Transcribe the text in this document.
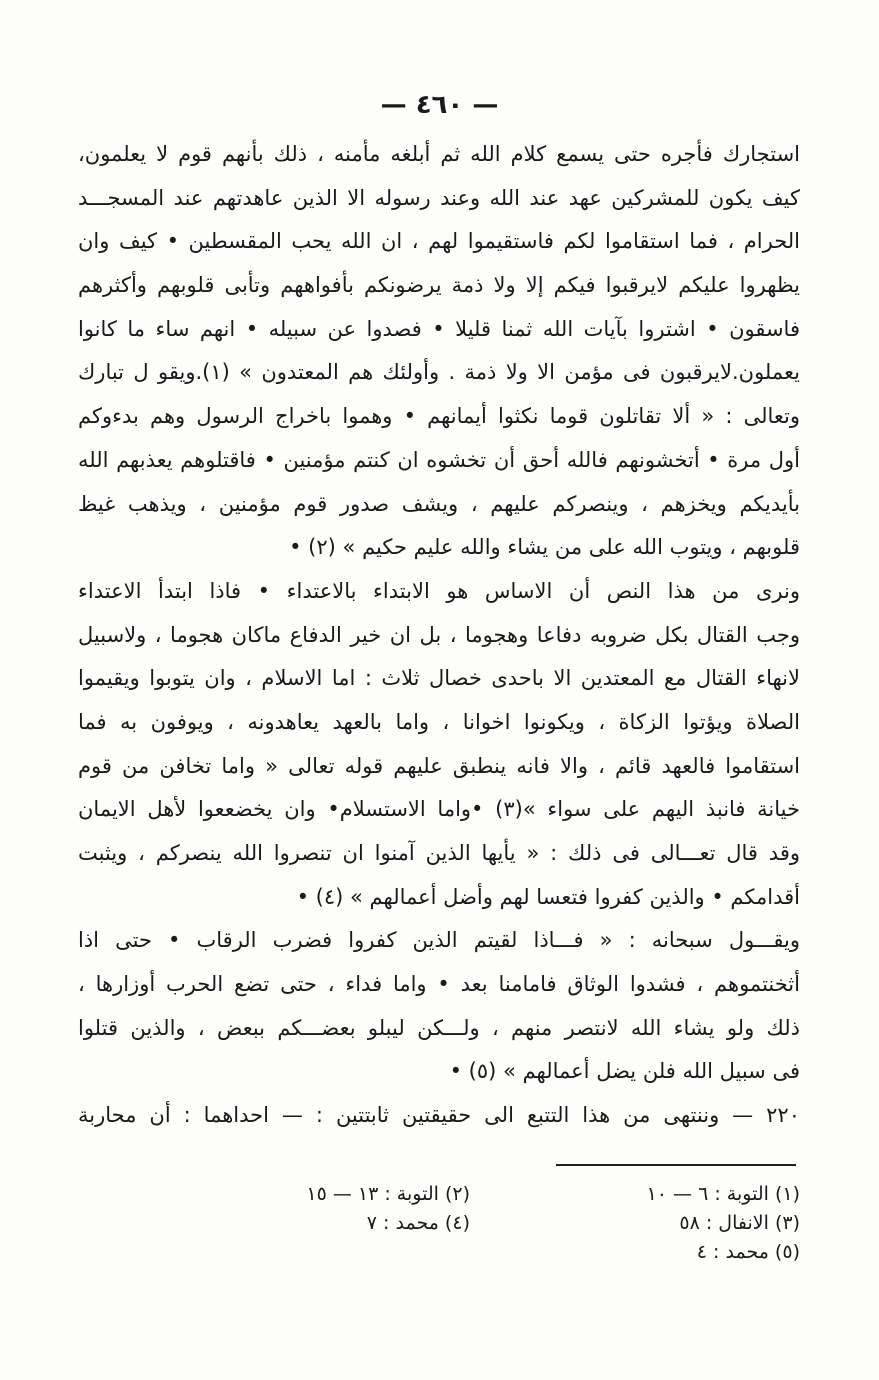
— ٤٦٠ —
استجارك فأجره حتى يسمع كلام الله ثم أبلغه مأمنه ، ذلك بأنهم قوم لا يعلمون،
كيف يكون للمشركين عهد عند الله وعند رسوله الا الذين عاهدتهم عند المسجـــد
الحرام ، فما استقاموا لكم فاستقيموا لهم ، ان الله يحب المقسطين • كيف وان
يظهروا عليكم لايرقبوا فيكم إلا ولا ذمة يرضونكم بأفواههم وتأبى قلوبهم وأكثرهم
فاسقون • اشتروا بآيات الله ثمنا قليلا • فصدوا عن سبيله • انهم ساء ما كانوا
يعملون.لايرقبون فى مؤمن الا ولا ذمة . وأولئك هم المعتدون » (١).ويقو ل تبارك
وتعالى : « ألا تقاتلون قوما نكثوا أيمانهم • وهموا باخراج الرسول وهم بدءوكم
أول مرة • أتخشونهم فالله أحق أن تخشوه ان كنتم مؤمنين • فاقتلوهم يعذبهم الله
بأيديكم ويخزهم ، وينصركم عليهم ، ويشف صدور قوم مؤمنين ، ويذهب غيظ
قلوبهم ، ويتوب الله على من يشاء والله عليم حكيم » (٢) •
ونرى من هذا النص أن الاساس هو الابتداء بالاعتداء • فاذا ابتدأ الاعتداء
وجب القتال بكل ضروبه دفاعا وهجوما ، بل ان خير الدفاع ماكان هجوما ، ولاسبيل
لانهاء القتال مع المعتدين الا باحدى خصال ثلاث : اما الاسلام ، وان يتوبوا ويقيموا
الصلاة ويؤتوا الزكاة ، ويكونوا اخوانا ، واما بالعهد يعاهدونه ، ويوفون به فما
استقاموا فالعهد قائم ، والا فانه ينطبق عليهم قوله تعالى « واما تخافن من قوم
خيانة فانبذ اليهم على سواء »(٣) •واما الاستسلام• وان يخضععوا لأهل الايمان
وقد قال تعـــالى فى ذلك : « يأيها الذين آمنوا ان تنصروا الله ينصركم ، ويثبت
أقدامكم • والذين كفروا فتعسا لهم وأضل أعمالهم » (٤) •
ويقـــول سبحانه : « فـــاذا لقيتم الذين كفروا فضرب الرقاب • حتى اذا
أثخنتموهم ، فشدوا الوثاق فامامنا بعد • واما فداء ، حتى تضع الحرب أوزارها ،
ذلك ولو يشاء الله لانتصر منهم ، ولـــكن ليبلو بعضـــكم ببعض ، والذين قتلوا
فى سبيل الله فلن يضل أعمالهم » (٥) •
٢٢٠ — وننتهى من هذا التتبع الى حقيقتين ثابتتين : — احداهما : أن محاربة
(١) التوبة : ٦ — ١٠
(٢) التوبة : ١٣ — ١٥
(٣) الانفال : ٥٨
(٤) محمد : ٧
(٥) محمد : ٤
